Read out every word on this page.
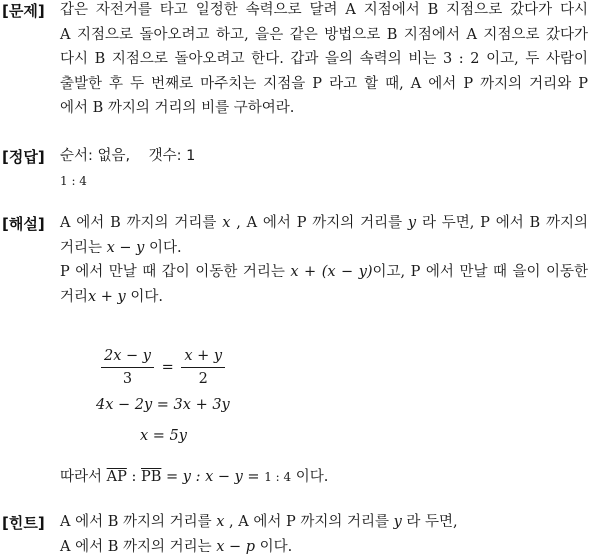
[문제] 갑은 자전거를 타고 일정한 속력으로 달려 A 지점에서 B 지점으로 갔다가 다시
A 지점으로 돌아오려고 하고, 을은 같은 방법으로 B 지점에서 A 지점으로 갔다가
다시 B 지점으로 돌아오려고 한다. 갑과 을의 속력의 비는 3 : 2 이고, 두 사람이
출발한 후 두 번째로 마주치는 지점을 P 라고 할 때, A 에서 P 까지의 거리와 P
에서 B 까지의 거리의 비를 구하여라.
[정답] 순서: 없음, 갯수: 1
1 : 4
[해설] A 에서 B 까지의 거리를 x , A 에서 P 까지의 거리를 y 라 두면, P 에서 B 까지의
거리는 x − y 이다.
P 에서 만날 때 갑이 이동한 거리는 x + (x − y)이고, P 에서 만날 때 을이 이동한
거리x + y 이다.
$\frac{2x - y}{3} = \frac{x + y}{2}$
4x − 2y = 3x + 3y
x = 5y
따라서 $\overline{AP}$ : $\overline{PB} = y$ : x − y = 1 : 4 이다.
[힌트] A 에서 B 까지의 거리를 x , A 에서 P 까지의 거리를 y 라 두면,
A 에서 B 까지의 거리는 x − p 이다.
